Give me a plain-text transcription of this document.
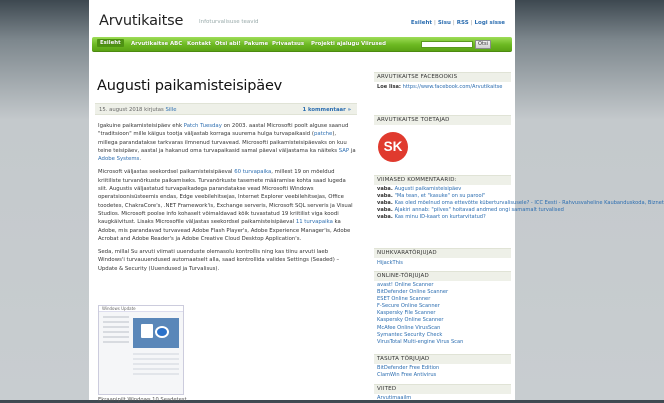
Arvutikaitse	Infoturvalisuse teavid	Esileht | Sisu | RSS | Logi sisse
Esileht	Arvutikaitse ABC Kontakt Otsi abi! Pakume Privaatsus Projekti ajalugu Viirused	Otsi
Augusti paikamisteisipäev
15. august 2018 kirjutas Sille	1 kommentaar »

Igakuine paikamisteisipäev ehk Patch Tuesday on 2003. aastal Microsofti poolt alguse saanud "traditsioon" mille käigus tootja väljastab korraga suurema hulga turvapaikasid (patche), millega parandatakse tarkvaras ilmnenud turvavead. Microsofti paikamisteisipäevaks on kuu teine teisipäev, aastal ja hakanud oma turvapaikasid samal päeval väljastama ka näiteks SAP ja Adobe Systems.

Microsoft väljastas seekordsel paikamisteisipäeval 60 turvapaika, millest 19 on mõeldud kriitiliste turvanõrkuste paikamiseks. Turvanõrkuste tasemete määramise kohta saad lugeda siit. Augustis väljastatud turvapaikadega parandatakse vead Microsofti Windows operatsioonisüsteemis endas, Edge veebilehitsejas, Internet Explorer veebilehitsejas, Office toodetes, ChakraCore's, .NET Framework'is, Exchange serveris, Microsoft SQL serveris ja Visual Studios. Microsoft poolse info kohaselt võimaldavad kõik tuvastatud 19 kriitilist viga koodi kaugkäivitust. Lisaks Microsofile väljastas seekordsel paikamisteisipäeval 11 turvapaika ka Adobe, mis parandavad turvavead Adobe Flash Player's, Adobe Experience Manager'is, Adobe Acrobat and Adobe Reader's ja Adobe Creative Cloud Desktop Application's.

Seda, millal Su arvuti viimati uuenduste olemasolu kontrollis ning kas tiinu arvuti laeb Windows'i turvauuendused automaatselt alla, saad kontrollida valides Settings (Seaded) – Update & Security (Uuendused ja Turvalisus).

Windows Update
Ekraanipilt Windows 10 Seadetest
ARVUTIKAITSE FACEBOOKIS
Loe lisa: https://www.facebook.com/Arvutikaitse
ARVUTIKAITSE TOETAJAD
SK
VIIMASED KOMMENTAARID:
vaba. Augusti paikamisteisipäev
vaba. "Ma tean, et "kasuke" on su parool"
vaba. Kas oled mõelnud oma ettevõtte küberturvalisusele? - ICC Eesti - Rahvusvaheline Kaubanduskoda, Biznet
vaba. Ajakiri annab: "pilves" hoitavad andmed ongi samamalt turvalised
vaba. Kas minu ID-kaart on kurtarvitatud?
NUHKVARATÕRJUJAD
HijackThis
ONLINE-TÕRJUJAD
avast! Online Scanner
BitDefender Online Scanner
ESET Online Scanner
F-Secure Online Scanner
Kaspersky File Scanner
Kaspersky Online Scanner
McAfee Online VirusScan
Symantec Security Check
VirusTotal Multi-engine Virus Scan
TASUTA TÕRJUJAD
BitDefender Free Edition
ClamWin Free Antivirus
VIITED
Arvutimaailm
